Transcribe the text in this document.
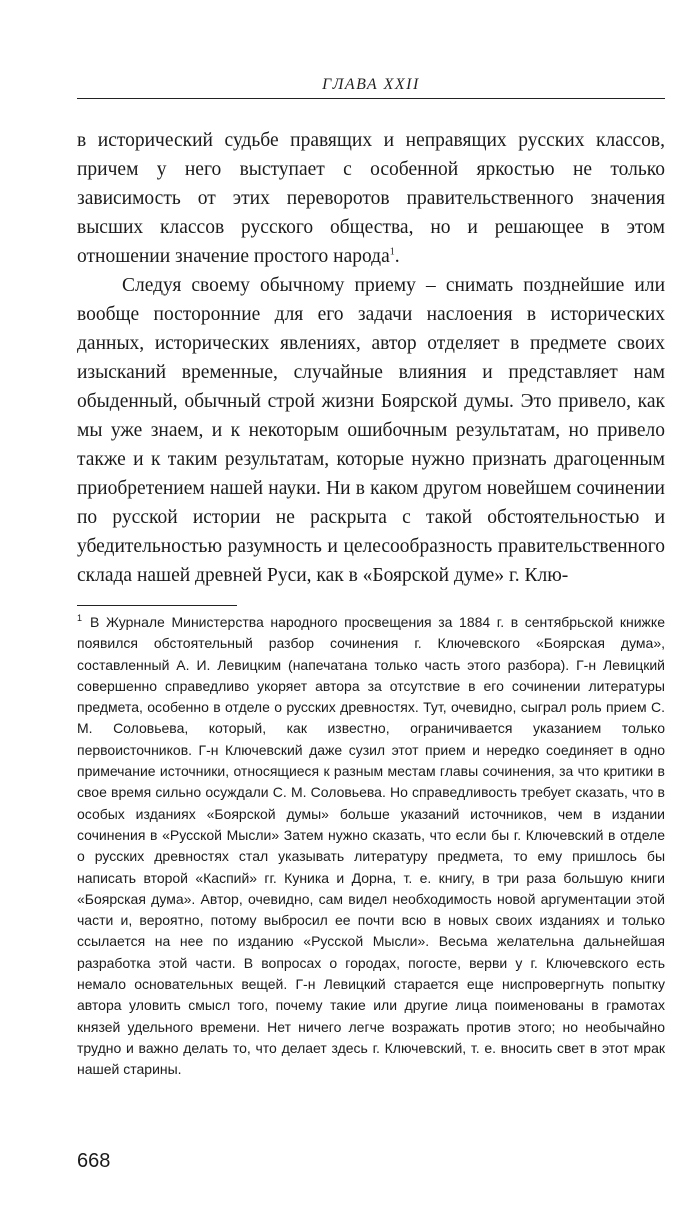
ГЛАВА XXII

в исторический судьбе правящих и неправящих русских классов, причем у него выступает с особенной яркостью не только зависимость от этих переворотов правительственного значения высших классов русского общества, но и решающее в этом отношении значение простого народа$^1$.

Следуя своему обычному приему – снимать позднейшие или вообще посторонние для его задачи наслоения в исторических данных, исторических явлениях, автор отделяет в предмете своих изысканий временные, случайные влияния и представляет нам обыденный, обычный строй жизни Боярской думы. Это привело, как мы уже знаем, и к некоторым ошибочным результатам, но привело также и к таким результатам, которые нужно признать драгоценным приобретением нашей науки. Ни в каком другом новейшем сочинении по русской истории не раскрыта с такой обстоятельностью и убедительностью разумность и целесообразность правительственного склада нашей древней Руси, как в «Боярской думе» г. Клю-

$^1$ В Журнале Министерства народного просвещения за 1884 г. в сентябрьской книжке появился обстоятельный разбор сочинения г. Ключевского «Боярская дума», составленный А. И. Левицким (напечатана только часть этого разбора). Г-н Левицкий совершенно справедливо укоряет автора за отсутствие в его сочинении литературы предмета, особенно в отделе о русских древностях. Тут, очевидно, сыграл роль прием С. М. Соловьева, который, как известно, ограничивается указанием только первоисточников. Г-н Ключевский даже сузил этот прием и нередко соединяет в одно примечание источники, относящиеся к разным местам главы сочинения, за что критики в свое время сильно осуждали С. М. Соловьева. Но справедливость требует сказать, что в особых изданиях «Боярской думы» больше указаний источников, чем в издании сочинения в «Русской Мысли» Затем нужно сказать, что если бы г. Ключевский в отделе о русских древностях стал указывать литературу предмета, то ему пришлось бы написать второй «Каспий» гг. Куника и Дорна, т. е. книгу, в три раза большую книги «Боярская дума». Автор, очевидно, сам видел необходимость новой аргументации этой части и, вероятно, потому выбросил ее почти всю в новых своих изданиях и только ссылается на нее по изданию «Русской Мысли». Весьма желательна дальнейшая разработка этой части. В вопросах о городах, погосте, верви у г. Ключевского есть немало основательных вещей. Г-н Левицкий старается еще ниспровергнуть попытку автора уловить смысл того, почему такие или другие лица поименованы в грамотах князей удельного времени. Нет ничего легче возражать против этого; но необычайно трудно и важно делать то, что делает здесь г. Ключевский, т. е. вносить свет в этот мрак нашей старины.

668
